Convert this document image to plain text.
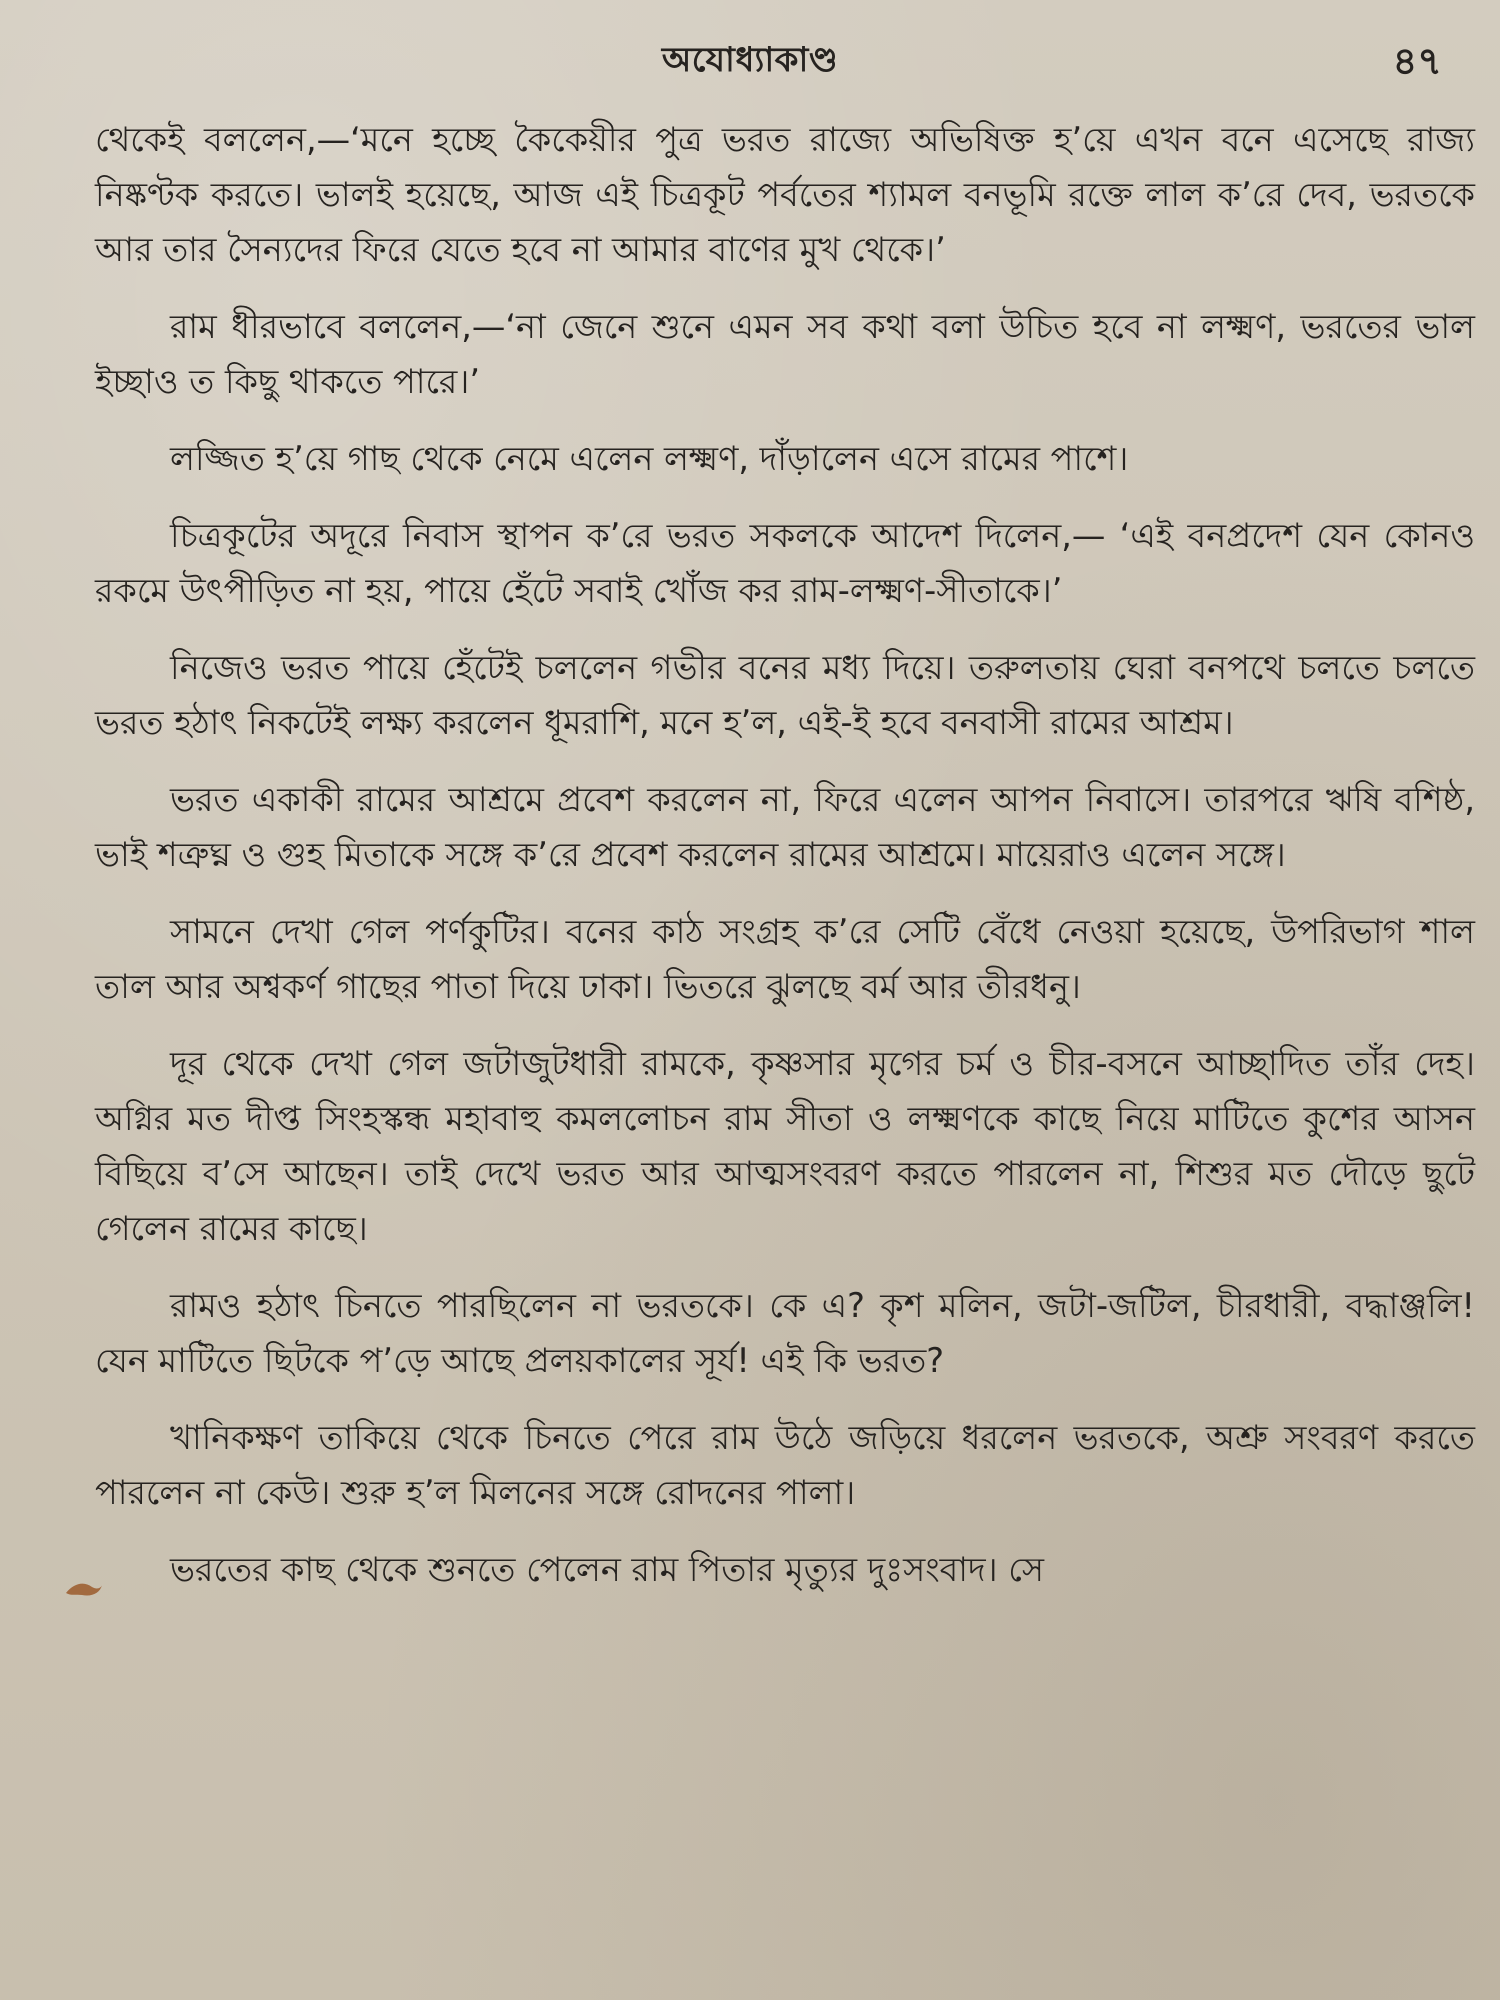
অযোধ্যাকাণ্ড	৪৭

থেকেই বললেন,—‘মনে হচ্ছে কৈকেয়ীর পুত্র ভরত রাজ্যে অভিষিক্ত হ’য়ে এখন বনে এসেছে রাজ্য নিষ্কণ্টক করতে। ভালই হয়েছে, আজ এই চিত্রকূট পর্বতের শ্যামল বনভূমি রক্তে লাল ক’রে দেব, ভরতকে আর তার সৈন্যদের ফিরে যেতে হবে না আমার বাণের মুখ থেকে।’

রাম ধীরভাবে বললেন,—‘না জেনে শুনে এমন সব কথা বলা উচিত হবে না লক্ষ্মণ, ভরতের ভাল ইচ্ছাও ত কিছু থাকতে পারে।’

লজ্জিত হ’য়ে গাছ থেকে নেমে এলেন লক্ষ্মণ, দাঁড়ালেন এসে রামের পাশে।

চিত্রকূটের অদূরে নিবাস স্থাপন ক’রে ভরত সকলকে আদেশ দিলেন,— ‘এই বনপ্রদেশ যেন কোনও রকমে উৎপীড়িত না হয়, পায়ে হেঁটে সবাই খোঁজ কর রাম-লক্ষ্মণ-সীতাকে।’

নিজেও ভরত পায়ে হেঁটেই চললেন গভীর বনের মধ্য দিয়ে। তরুলতায় ঘেরা বনপথে চলতে চলতে ভরত হঠাৎ নিকটেই লক্ষ্য করলেন ধূমরাশি, মনে হ’ল, এই-ই হবে বনবাসী রামের আশ্রম।

ভরত একাকী রামের আশ্রমে প্রবেশ করলেন না, ফিরে এলেন আপন নিবাসে। তারপরে ঋষি বশিষ্ঠ, ভাই শত্রুঘ্ন ও গুহ মিতাকে সঙ্গে ক’রে প্রবেশ করলেন রামের আশ্রমে। মায়েরাও এলেন সঙ্গে।

সামনে দেখা গেল পর্ণকুটির। বনের কাঠ সংগ্রহ ক’রে সেটি বেঁধে নেওয়া হয়েছে, উপরিভাগ শাল তাল আর অশ্বকর্ণ গাছের পাতা দিয়ে ঢাকা। ভিতরে ঝুলছে বর্ম আর তীরধনু।

দূর থেকে দেখা গেল জটাজুটধারী রামকে, কৃষ্ণসার মৃগের চর্ম ও চীর-বসনে আচ্ছাদিত তাঁর দেহ। অগ্নির মত দীপ্ত সিংহস্কন্ধ মহাবাহু কমললোচন রাম সীতা ও লক্ষ্মণকে কাছে নিয়ে মাটিতে কুশের আসন বিছিয়ে ব’সে আছেন। তাই দেখে ভরত আর আত্মসংবরণ করতে পারলেন না, শিশুর মত দৌড়ে ছুটে গেলেন রামের কাছে।

রামও হঠাৎ চিনতে পারছিলেন না ভরতকে। কে এ? কৃশ মলিন, জটা-জটিল, চীরধারী, বদ্ধাঞ্জলি! যেন মাটিতে ছিটকে প’ড়ে আছে প্রলয়কালের সূর্য! এই কি ভরত?

খানিকক্ষণ তাকিয়ে থেকে চিনতে পেরে রাম উঠে জড়িয়ে ধরলেন ভরতকে, অশ্রু সংবরণ করতে পারলেন না কেউ। শুরু হ’ল মিলনের সঙ্গে রোদনের পালা।

ভরতের কাছ থেকে শুনতে পেলেন রাম পিতার মৃত্যুর দুঃসংবাদ। সে
